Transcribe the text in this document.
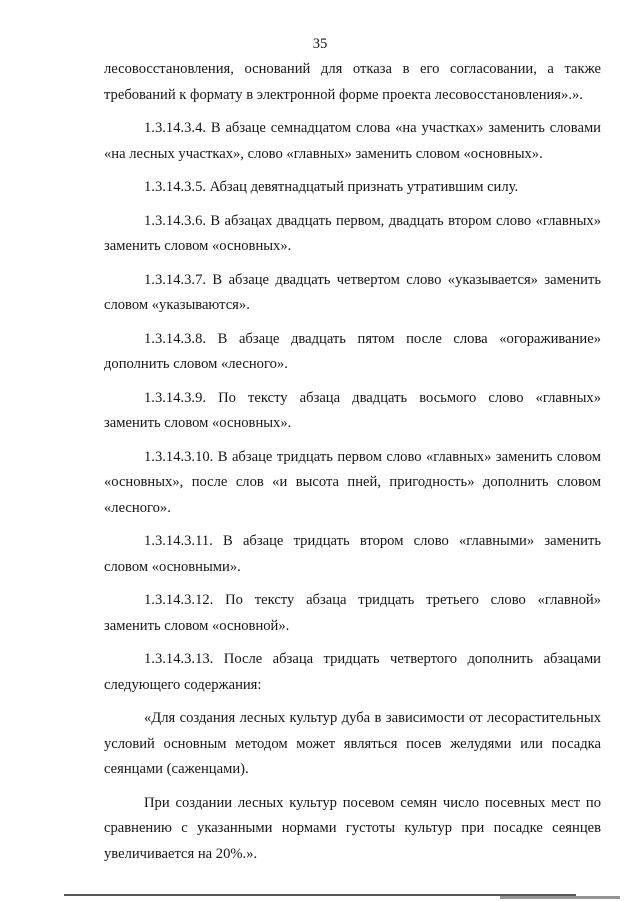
35

лесовосстановления, оснований для отказа в его согласовании, а также требований к формату в электронной форме проекта лесовосстановления».».

1.3.14.3.4. В абзаце семнадцатом слова «на участках» заменить словами «на лесных участках», слово «главных» заменить словом «основных».

1.3.14.3.5. Абзац девятнадцатый признать утратившим силу.

1.3.14.3.6. В абзацах двадцать первом, двадцать втором слово «главных» заменить словом «основных».

1.3.14.3.7. В абзаце двадцать четвертом слово «указывается» заменить словом «указываются».

1.3.14.3.8. В абзаце двадцать пятом после слова «огораживание» дополнить словом «лесного».

1.3.14.3.9. По тексту абзаца двадцать восьмого слово «главных» заменить словом «основных».

1.3.14.3.10. В абзаце тридцать первом слово «главных» заменить словом «основных», после слов «и высота пней, пригодность» дополнить словом «лесного».

1.3.14.3.11. В абзаце тридцать втором слово «главными» заменить словом «основными».

1.3.14.3.12. По тексту абзаца тридцать третьего слово «главной» заменить словом «основной».

1.3.14.3.13. После абзаца тридцать четвертого дополнить абзацами следующего содержания:

«Для создания лесных культур дуба в зависимости от лесорастительных условий основным методом может являться посев желудями или посадка сеянцами (саженцами).

При создании лесных культур посевом семян число посевных мест по сравнению с указанными нормами густоты культур при посадке сеянцев увеличивается на 20%.».
